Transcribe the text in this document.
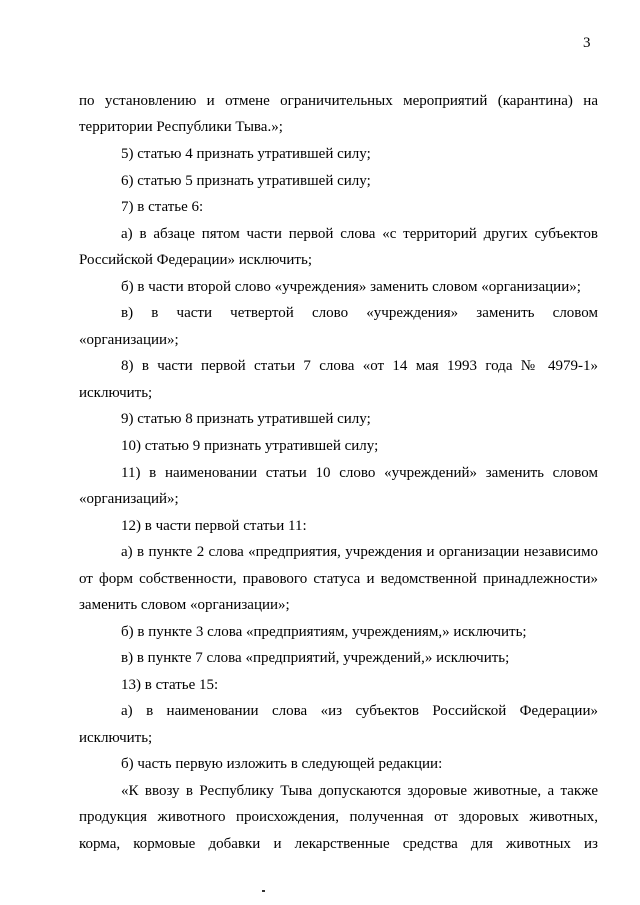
3
по установлению и отмене ограничительных мероприятий (карантина) на
территории Республики Тыва.»;
5) статью 4 признать утратившей силу;
6) статью 5 признать утратившей силу;
7) в статье 6:
а) в абзаце пятом части первой слова «с территорий других субъектов
Российской Федерации» исключить;
б) в части второй слово «учреждения» заменить словом «организации»;
в) в части четвертой слово «учреждения» заменить словом
«организации»;
8) в части первой статьи 7 слова «от 14 мая 1993 года № 4979-1»
исключить;
9) статью 8 признать утратившей силу;
10) статью 9 признать утратившей силу;
11) в наименовании статьи 10 слово «учреждений» заменить словом
«организаций»;
12) в части первой статьи 11:
а) в пункте 2 слова «предприятия, учреждения и организации независимо
от форм собственности, правового статуса и ведомственной принадлежности»
заменить словом «организации»;
б) в пункте 3 слова «предприятиям, учреждениям,» исключить;
в) в пункте 7 слова «предприятий, учреждений,» исключить;
13) в статье 15:
а) в наименовании слова «из субъектов Российской Федерации»
исключить;
б) часть первую изложить в следующей редакции:
«К ввозу в Республику Тыва допускаются здоровые животные, а также
продукция животного происхождения, полученная от здоровых животных,
корма, кормовые добавки и лекарственные средства для животных из
